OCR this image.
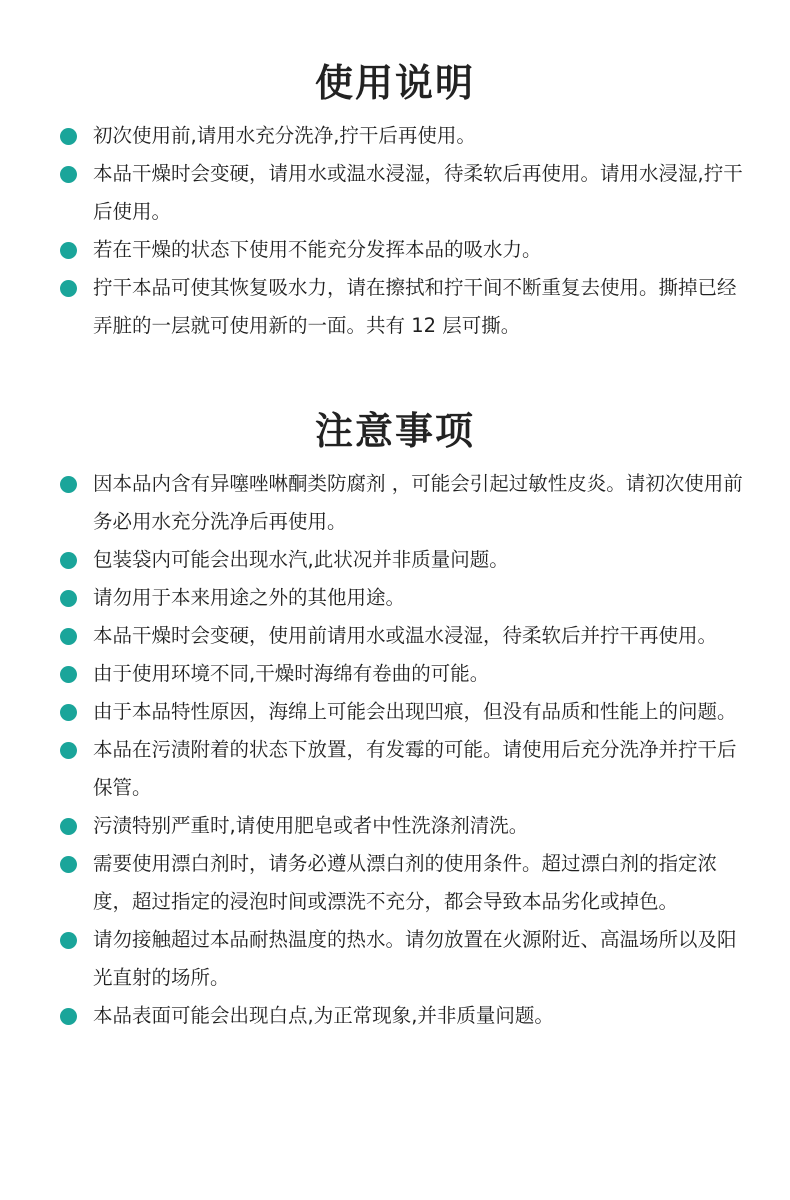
使用说明
初次使用前,请用水充分洗净,拧干后再使用。
本品干燥时会变硬，请用水或温水浸湿，待柔软后再使用。请用水浸湿,拧干后使用。
若在干燥的状态下使用不能充分发挥本品的吸水力。
拧干本品可使其恢复吸水力，请在擦拭和拧干间不断重复去使用。撕掉已经弄脏的一层就可使用新的一面。共有 12 层可撕。
注意事项
因本品内含有异噻唑啉酮类防腐剂 ，可能会引起过敏性皮炎。请初次使用前务必用水充分洗净后再使用。
包装袋内可能会出现水汽,此状况并非质量问题。
请勿用于本来用途之外的其他用途。
本品干燥时会变硬，使用前请用水或温水浸湿，待柔软后并拧干再使用。
由于使用环境不同,干燥时海绵有卷曲的可能。
由于本品特性原因，海绵上可能会出现凹痕，但没有品质和性能上的问题。
本品在污渍附着的状态下放置，有发霉的可能。请使用后充分洗净并拧干后保管。
污渍特别严重时,请使用肥皂或者中性洗涤剂清洗。
需要使用漂白剂时，请务必遵从漂白剂的使用条件。超过漂白剂的指定浓度，超过指定的浸泡时间或漂洗不充分，都会导致本品劣化或掉色。
请勿接触超过本品耐热温度的热水。请勿放置在火源附近、高温场所以及阳光直射的场所。
本品表面可能会出现白点,为正常现象,并非质量问题。
